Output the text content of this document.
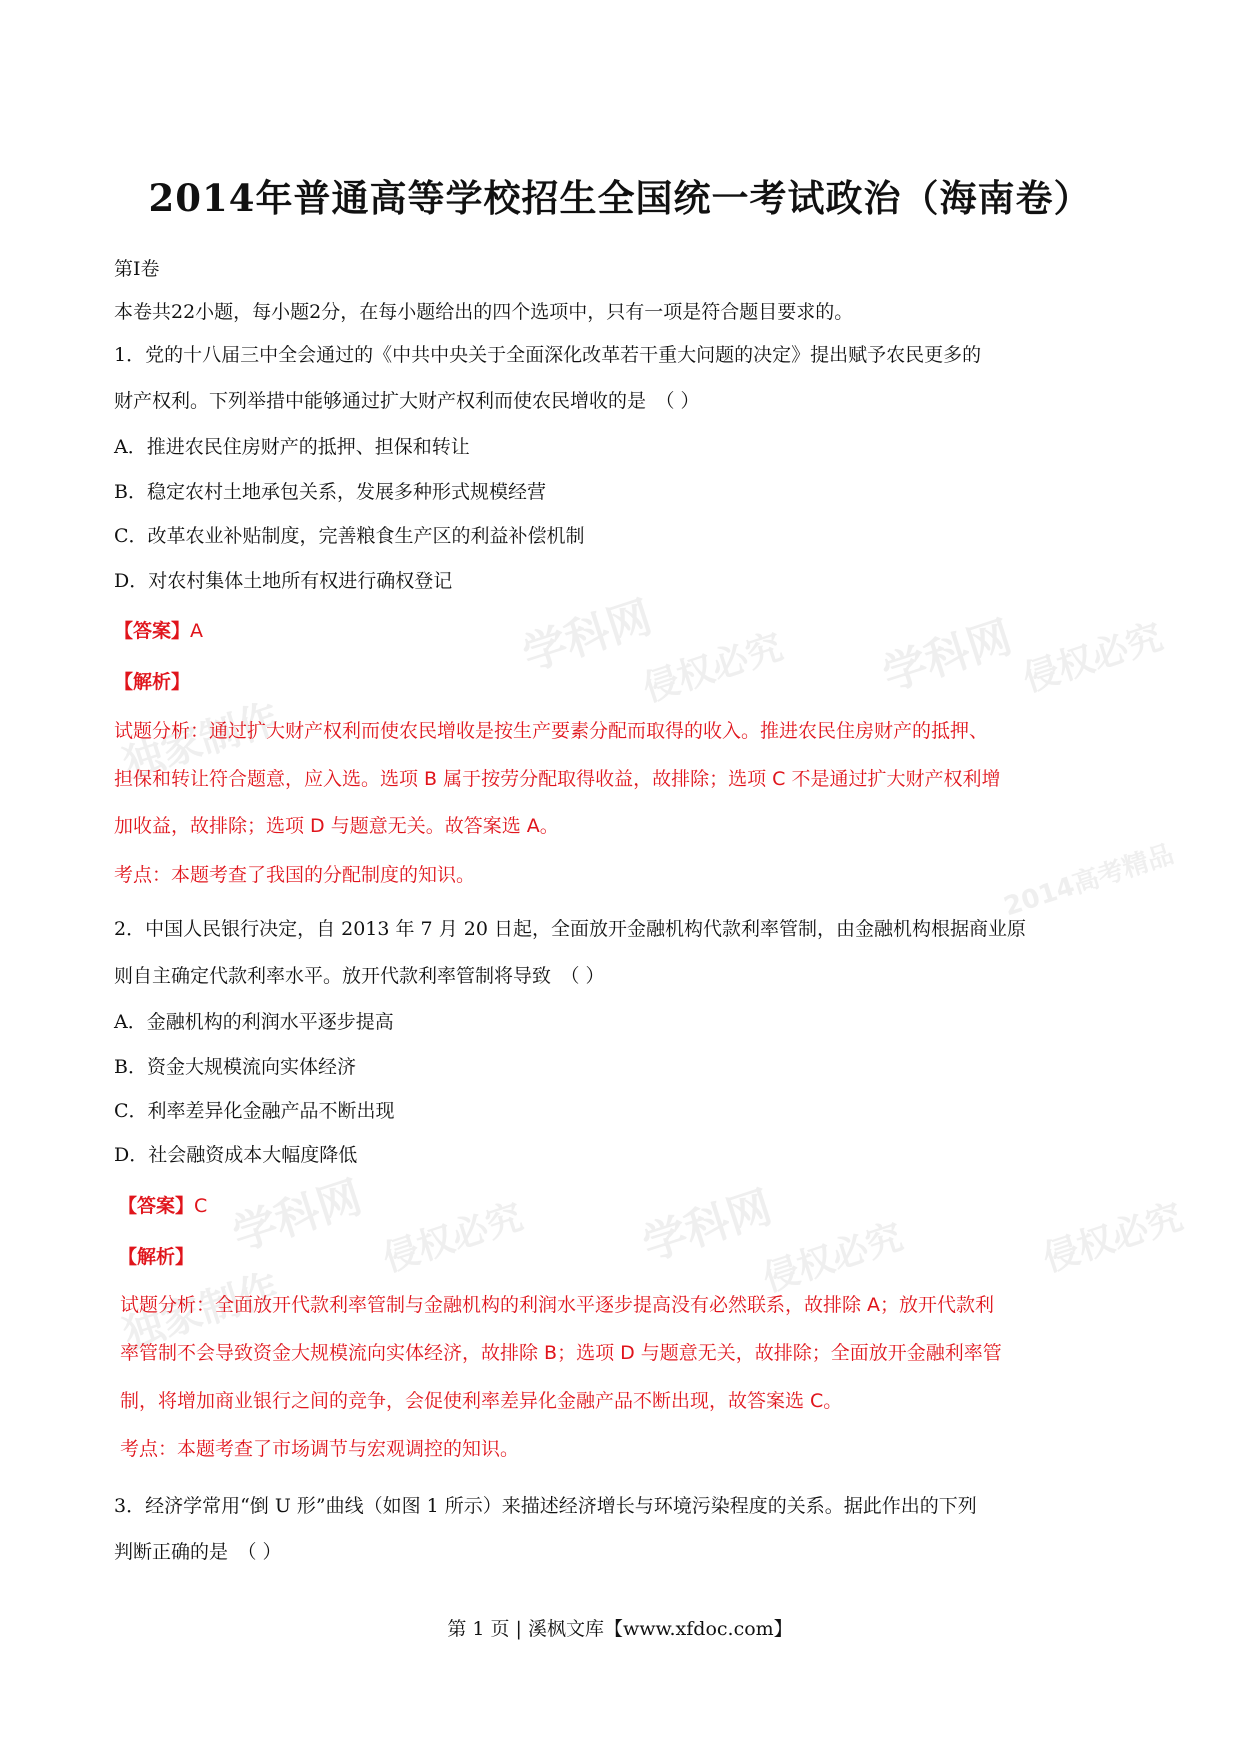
学科网
侵权必究 学科网 侵权必究
独家制作
2014高考精品
学科网 侵权必究 学科网
侵权必究	侵权必究
独家制作
2014年普通高等学校招生全国统一考试政治（海南卷）
第Ⅰ卷
本卷共22小题，每小题2分，在每小题给出的四个选项中，只有一项是符合题目要求的。
1．党的十八届三中全会通过的《中共中央关于全面深化改革若干重大问题的决定》提出赋予农民更多的
财产权利。下列举措中能够通过扩大财产权利而使农民增收的是　（ ）
A．推进农民住房财产的抵押、担保和转让
B．稳定农村土地承包关系，发展多种形式规模经营
C．改革农业补贴制度，完善粮食生产区的利益补偿机制
D．对农村集体土地所有权进行确权登记
【答案】A
【解析】
试题分析：通过扩大财产权利而使农民增收是按生产要素分配而取得的收入。推进农民住房财产的抵押、
担保和转让符合题意，应入选。选项 B 属于按劳分配取得收益，故排除；选项 C 不是通过扩大财产权利增
加收益，故排除；选项 D 与题意无关。故答案选 A。
考点：本题考查了我国的分配制度的知识。
2．中国人民银行决定，自 2013 年 7 月 20 日起，全面放开金融机构代款利率管制，由金融机构根据商业原
则自主确定代款利率水平。放开代款利率管制将导致　（ ）
A．金融机构的利润水平逐步提高
B．资金大规模流向实体经济
C．利率差异化金融产品不断出现
D．社会融资成本大幅度降低
【答案】C
【解析】
试题分析：全面放开代款利率管制与金融机构的利润水平逐步提高没有必然联系，故排除 A；放开代款利
率管制不会导致资金大规模流向实体经济，故排除 B；选项 D 与题意无关，故排除；全面放开金融利率管
制，将增加商业银行之间的竞争，会促使利率差异化金融产品不断出现，故答案选 C。
考点：本题考查了市场调节与宏观调控的知识。
3．经济学常用“倒 U 形”曲线（如图 1 所示）来描述经济增长与环境污染程度的关系。据此作出的下列
判断正确的是　（ ）
第 1 页 | 溪枫文库【www.xfdoc.com】
